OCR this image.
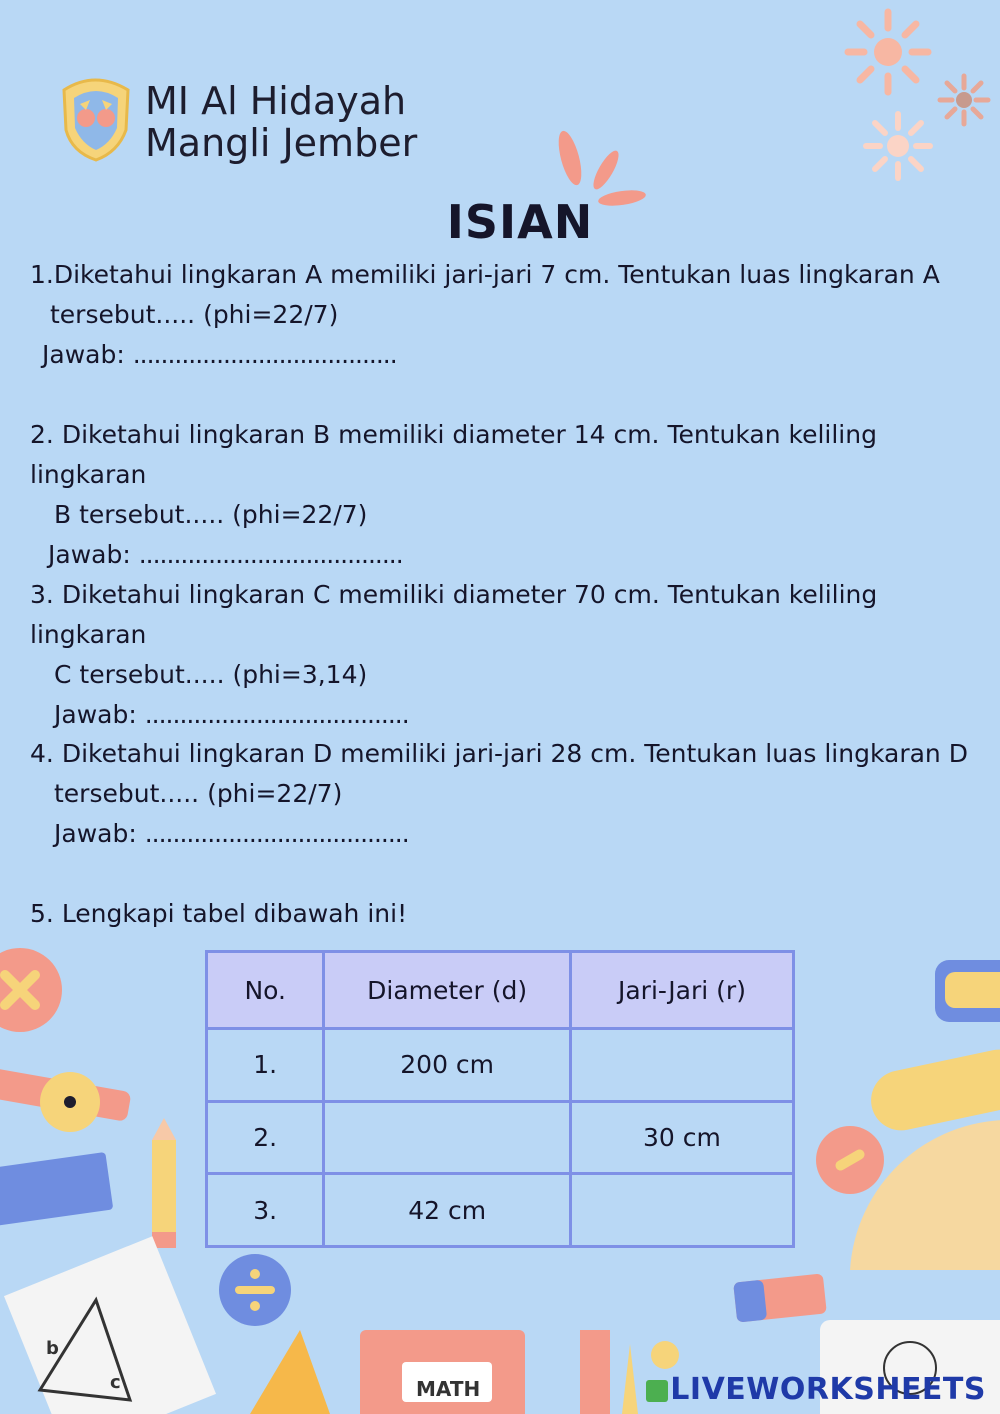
MATH
MI Al Hidayah
Mangli Jember
ISIAN
1.Diketahui lingkaran A memiliki jari-jari 7 cm. Tentukan luas lingkaran A
tersebut..... (phi=22/7)
Jawab: ......................................
2. Diketahui lingkaran B memiliki diameter 14 cm. Tentukan keliling lingkaran
B tersebut..... (phi=22/7)
Jawab: ......................................
3. Diketahui lingkaran C memiliki diameter 70 cm. Tentukan keliling lingkaran
C tersebut..... (phi=3,14)
Jawab: ......................................
4. Diketahui lingkaran D memiliki jari-jari 28 cm. Tentukan luas lingkaran D
tersebut..... (phi=22/7)
Jawab: ......................................
5. Lengkapi tabel dibawah ini!
No.	Diameter (d)	Jari-Jari (r)
1.	200 cm	
2.		30 cm
3.	42 cm	
b
c	LIVEWORKSHEETS
